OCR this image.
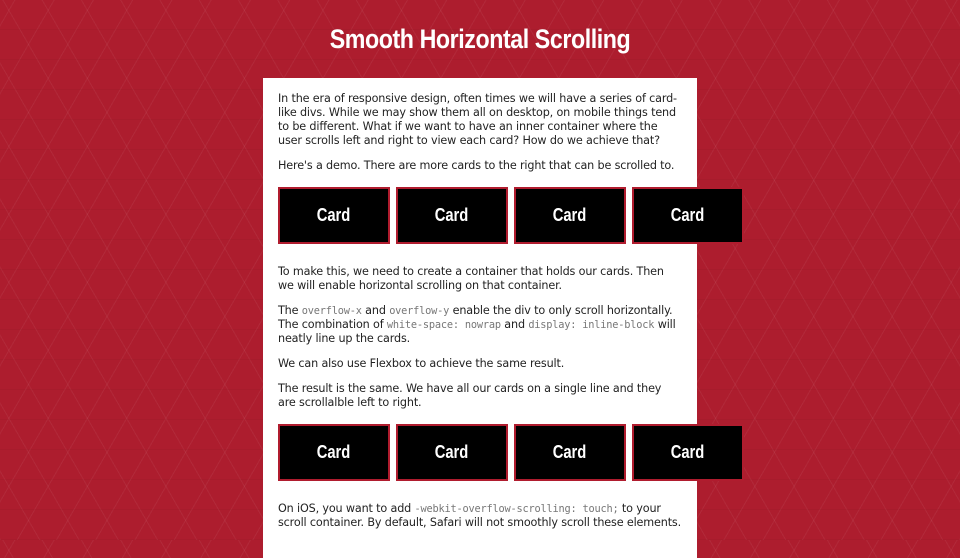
Smooth Horizontal Scrolling

In the era of responsive design, often times we will have a series of card-like divs. While we may show them all on desktop, on mobile things tend to be different. What if we want to have an inner container where the user scrolls left and right to view each card? How do we achieve that?

Here's a demo. There are more cards to the right that can be scrolled to.

Card	Card	Card	Card

To make this, we need to create a container that holds our cards. Then we will enable horizontal scrolling on that container.

The overflow-x and overflow-y enable the div to only scroll horizontally. The combination of white-space: nowrap and display: inline-block will neatly line up the cards.

We can also use Flexbox to achieve the same result.

The result is the same. We have all our cards on a single line and they are scrollalble left to right.

Card	Card	Card	Card

On iOS, you want to add -webkit-overflow-scrolling: touch; to your scroll container. By default, Safari will not smoothly scroll these elements.
